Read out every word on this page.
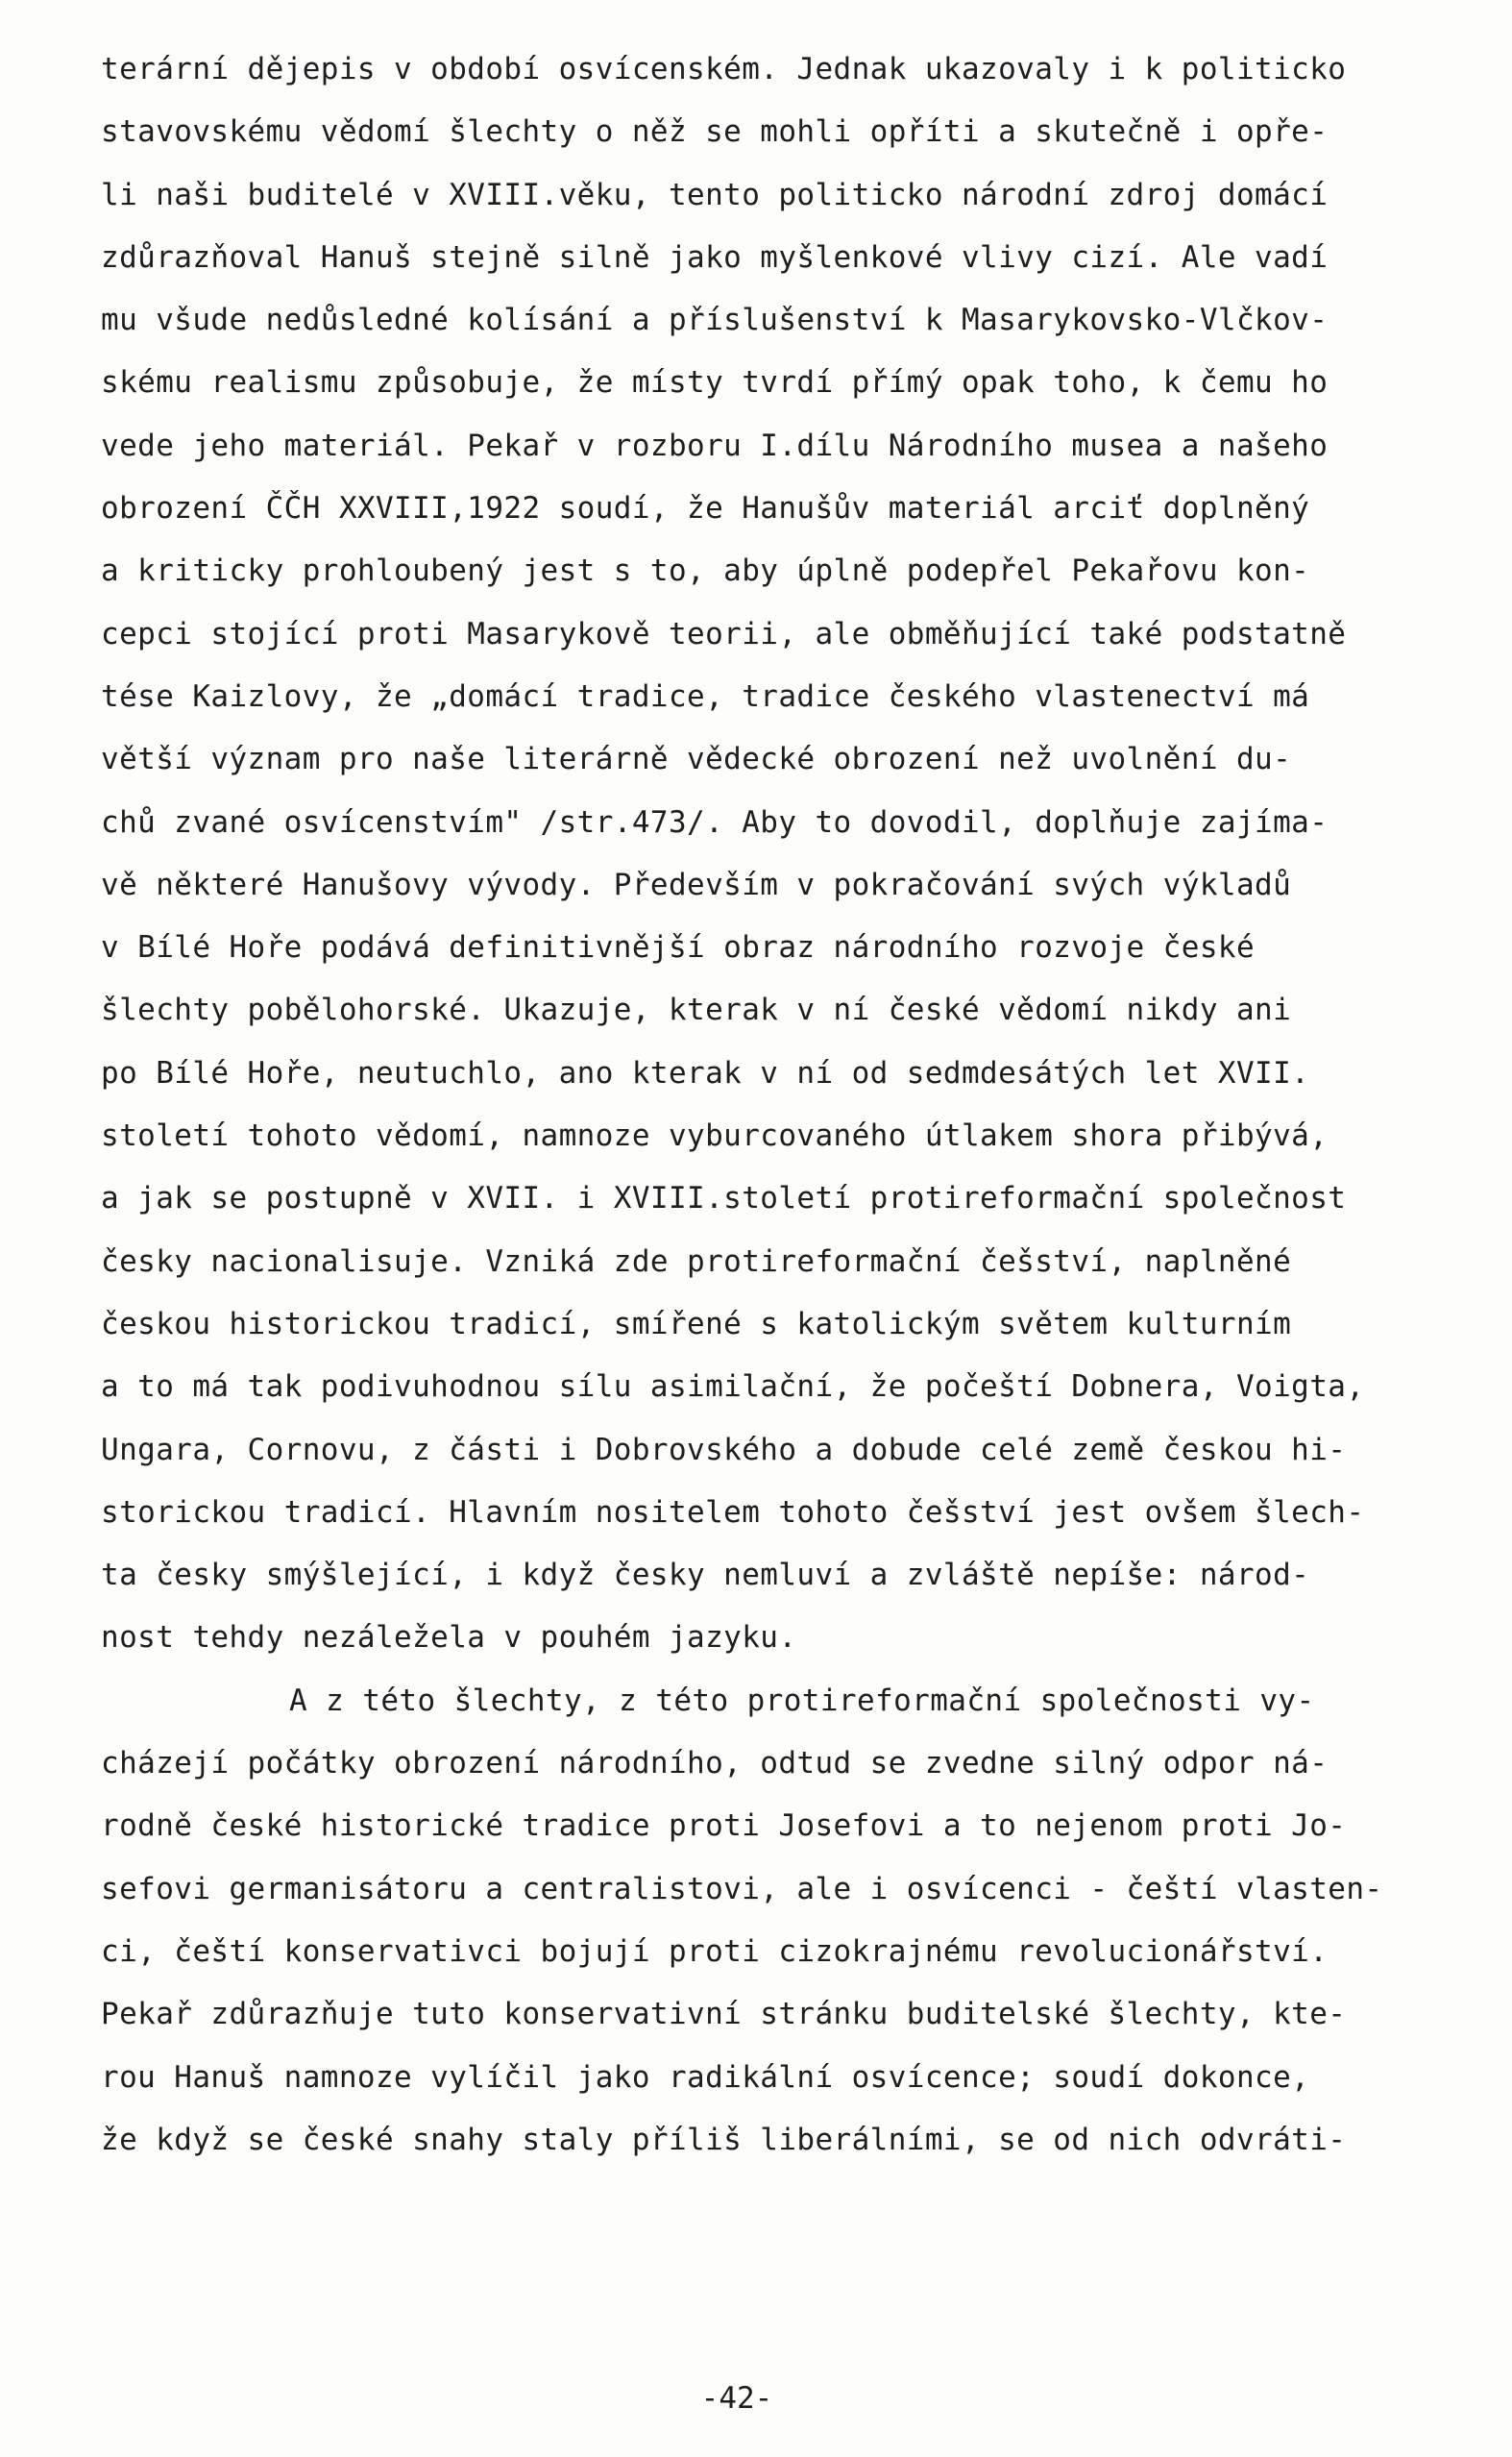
terární dějepis v období osvícenském. Jednak ukazovaly i k politicko
stavovskému vědomí šlechty o něž se mohli opříti a skutečně i opře-
li naši buditelé v XVIII.věku, tento politicko národní zdroj domácí
zdůrazňoval Hanuš stejně silně jako myšlenkové vlivy cizí. Ale vadí
mu všude nedůsledné kolísání a příslušenství k Masarykovsko-Vlčkov-
skému realismu způsobuje, že místy tvrdí přímý opak toho, k čemu ho
vede jeho materiál. Pekař v rozboru I.dílu Národního musea a našeho
obrození ČČH XXVIII,1922 soudí, že Hanušův materiál arciť doplněný
a kriticky prohloubený jest s to, aby úplně podepřel Pekařovu kon-
cepci stojící proti Masarykově teorii, ale obměňující také podstatně
tése Kaizlovy, že „domácí tradice, tradice českého vlastenectví má
větší význam pro naše literárně vědecké obrození než uvolnění du-
chů zvané osvícenstvím" /str.473/. Aby to dovodil, doplňuje zajíma-
vě některé Hanušovy vývody. Především v pokračování svých výkladů
v Bílé Hoře podává definitivnější obraz národního rozvoje české
šlechty pobělohorské. Ukazuje, kterak v ní české vědomí nikdy ani
po Bílé Hoře, neutuchlo, ano kterak v ní od sedmdesátých let XVII.
století tohoto vědomí, namnoze vyburcovaného útlakem shora přibývá,
a jak se postupně v XVII. i XVIII.století protireformační společnost
česky nacionalisuje. Vzniká zde protireformační češství, naplněné
českou historickou tradicí, smířené s katolickým světem kulturním
a to má tak podivuhodnou sílu asimilační, že počeští Dobnera, Voigta,
Ungara, Cornovu, z části i Dobrovského a dobude celé země českou hi-
storickou tradicí. Hlavním nositelem tohoto češství jest ovšem šlech-
ta česky smýšlející, i když česky nemluví a zvláště nepíše: národ-
nost tehdy nezáležela v pouhém jazyku.
A z této šlechty, z této protireformační společnosti vy-
cházejí počátky obrození národního, odtud se zvedne silný odpor ná-
rodně české historické tradice proti Josefovi a to nejenom proti Jo-
sefovi germanisátoru a centralistovi, ale i osvícenci - čeští vlasten-
ci, čeští konservativci bojují proti cizokrajnému revolucionářství.
Pekař zdůrazňuje tuto konservativní stránku buditelské šlechty, kte-
rou Hanuš namnoze vylíčil jako radikální osvícence; soudí dokonce,
že když se české snahy staly příliš liberálními, se od nich odvráti-
-42-
